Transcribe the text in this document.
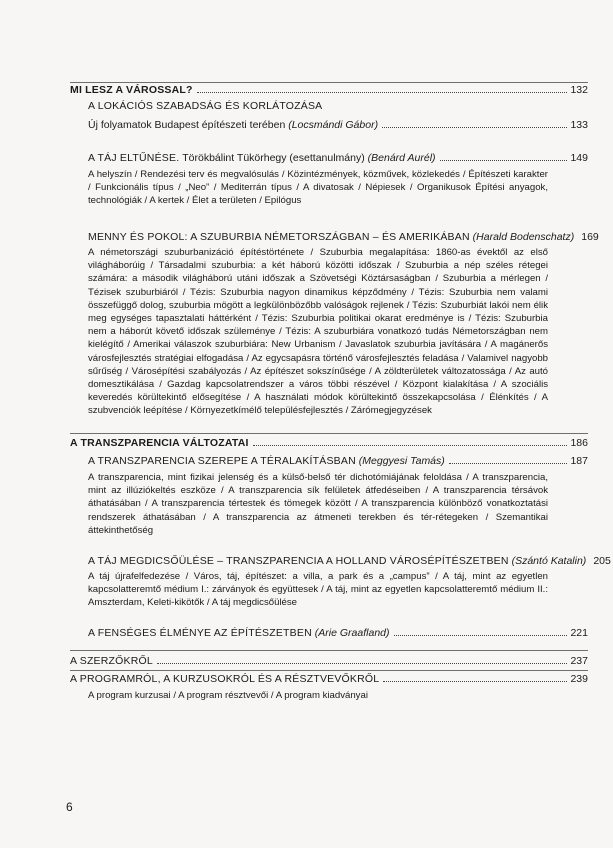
MI LESZ A VÁROSSAL?	132
A LOKÁCIÓS SZABADSÁG ÉS KORLÁTOZÁSA
Új folyamatok Budapest építészeti terében
(Locsmándi Gábor)	133
A TÁJ ELTŰNÉSE.
Törökbálint Tükörhegy (esettanulmány)
(Benárd Aurél)	149
A helyszín / Rendezési terv és megvalósulás / Közintézmények, közművek, közlekedés / Építészeti karakter / Funkcionális típus / „Neo” / Mediterrán típus / A divatosak / Népiesek / Organikusok Építési anyagok, technológiák / A kertek / Élet a területen / Epilógus
MENNY ÉS POKOL: A SZUBURBIA NÉMETORSZÁGBAN – ÉS AMERIKÁBAN
(Harald Bodenschatz) 169
A németországi szuburbanizáció építéstörténete / Szuburbia megalapítása: 1860-as évektől az első világháborúig / Társadalmi szuburbia: a két háború közötti időszak / Szuburbia a nép széles rétegei számára: a második világháború utáni időszak a Szövetségi Köztársaságban / Szuburbia a mérlegen / Tézisek szuburbiáról / Tézis: Szuburbia nagyon dinamikus képződmény / Tézis: Szuburbia nem valami összefüggő dolog, szuburbia mögött a legkülönbözőbb valóságok rejlenek / Tézis: Szuburbiát lakói nem élik meg egységes tapasztalati háttérként / Tézis: Szuburbia politikai okarat eredménye is / Tézis: Szuburbia nem a háborút követő időszak szüleménye / Tézis: A szuburbiára vonatkozó tudás Németországban nem kielégítő / Amerikai válaszok szuburbiára: New Urbanism / Javaslatok szuburbia javítására / A magánerős városfejlesztés stratégiai elfogadása / Az egycsapásra történő városfejlesztés feladása / Valamivel nagyobb sűrűség / Városépítési szabályozás / Az építészet sokszínűsége / A zöldterületek változatossága / Az autó domesztikálása / Gazdag kapcsolatrendszer a város többi részével / Központ kialakítása / A szociális keveredés körültekintő elősegítése / A használati módok körültekintő összekapcsolása / Élénkítés / A szubvenciók leépítése / Környezetkímélő településfejlesztés / Zárómegjegyzések
A TRANSZPARENCIA VÁLTOZATAI	186
A TRANSZPARENCIA SZEREPE A TÉRALAKÍTÁSBAN
(Meggyesi Tamás)	187
A transzparencia, mint fizikai jelenség és a külső-belső tér dichotómiájának feloldása / A transzparencia, mint az illúziókeltés eszköze / A transzparencia sík felületek átfedéseiben / A transzparencia térsávok áthatásában / A transzparencia tértestek és tömegek között / A transzparencia különböző vonatkoztatási rendszerek áthatásában / A transzparencia az átmeneti terekben és tér-rétegeken / Szemantikai áttekinthetőség
A TÁJ MEGDICSŐÜLÉSE – TRANSZPARENCIA A HOLLAND VÁROSÉPÍTÉSZETBEN
(Szántó Katalin) 205
A táj újrafelfedezése / Város, táj, építészet: a villa, a park és a „campus” / A táj, mint az egyetlen kapcsolatteremtő médium I.: zárványok és együttesek / A táj, mint az egyetlen kapcsolatteremtő médium II.: Amszterdam, Keleti-kikötők / A táj megdicsőülése
A FENSÉGES ÉLMÉNYE AZ ÉPÍTÉSZETBEN
(Arie Graafland)	221
A SZERZŐKRŐL	237
A PROGRAMRÓL, A KURZUSOKRÓL ÉS A RÉSZTVEVŐKRŐL	239
A program kurzusai / A program résztvevői / A program kiadványai
6
